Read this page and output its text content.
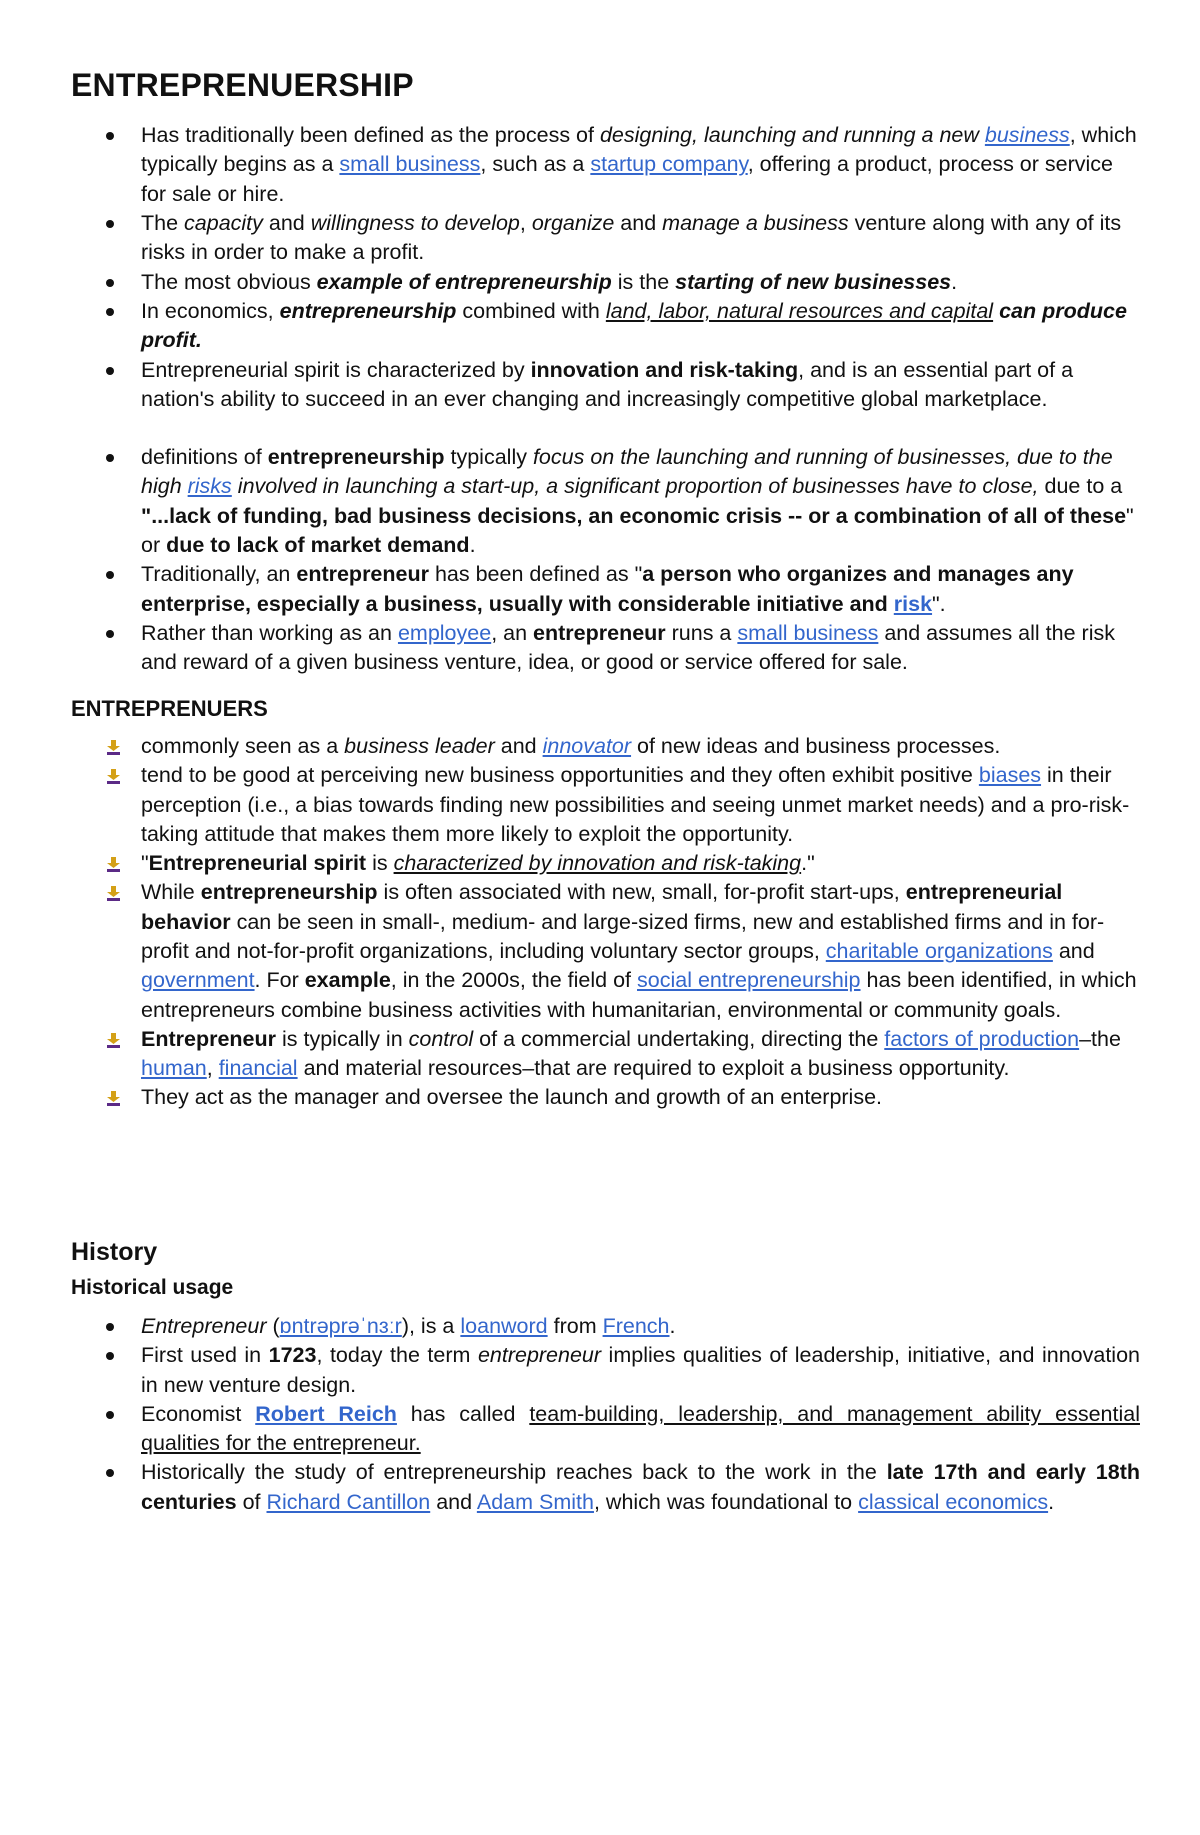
ENTREPRENUERSHIP
Has traditionally been defined as the process of designing, launching and running a new business, which typically begins as a small business, such as a startup company, offering a product, process or service for sale or hire.
The capacity and willingness to develop, organize and manage a business venture along with any of its risks in order to make a profit.
The most obvious example of entrepreneurship is the starting of new businesses.
In economics, entrepreneurship combined with land, labor, natural resources and capital can produce profit.
Entrepreneurial spirit is characterized by innovation and risk-taking, and is an essential part of a nation's ability to succeed in an ever changing and increasingly competitive global marketplace.
definitions of entrepreneurship typically focus on the launching and running of businesses, due to the high risks involved in launching a start-up, a significant proportion of businesses have to close, due to a "...lack of funding, bad business decisions, an economic crisis -- or a combination of all of these" or due to lack of market demand.
Traditionally, an entrepreneur has been defined as "a person who organizes and manages any enterprise, especially a business, usually with considerable initiative and risk".
Rather than working as an employee, an entrepreneur runs a small business and assumes all the risk and reward of a given business venture, idea, or good or service offered for sale.
ENTREPRENUERS
commonly seen as a business leader and innovator of new ideas and business processes.
tend to be good at perceiving new business opportunities and they often exhibit positive biases in their perception (i.e., a bias towards finding new possibilities and seeing unmet market needs) and a pro-risk-taking attitude that makes them more likely to exploit the opportunity.
"Entrepreneurial spirit is characterized by innovation and risk-taking."
While entrepreneurship is often associated with new, small, for-profit start-ups, entrepreneurial behavior can be seen in small-, medium- and large-sized firms, new and established firms and in for-profit and not-for-profit organizations, including voluntary sector groups, charitable organizations and government. For example, in the 2000s, the field of social entrepreneurship has been identified, in which entrepreneurs combine business activities with humanitarian, environmental or community goals.
Entrepreneur is typically in control of a commercial undertaking, directing the factors of production–the human, financial and material resources–that are required to exploit a business opportunity.
They act as the manager and oversee the launch and growth of an enterprise.
History
Historical usage
Entrepreneur (ɒntrəprəˈnɜːr), is a loanword from French.
First used in 1723, today the term entrepreneur implies qualities of leadership, initiative, and innovation in new venture design.
Economist Robert Reich has called team-building, leadership, and management ability essential qualities for the entrepreneur.
Historically the study of entrepreneurship reaches back to the work in the late 17th and early 18th centuries of Richard Cantillon and Adam Smith, which was foundational to classical economics.
